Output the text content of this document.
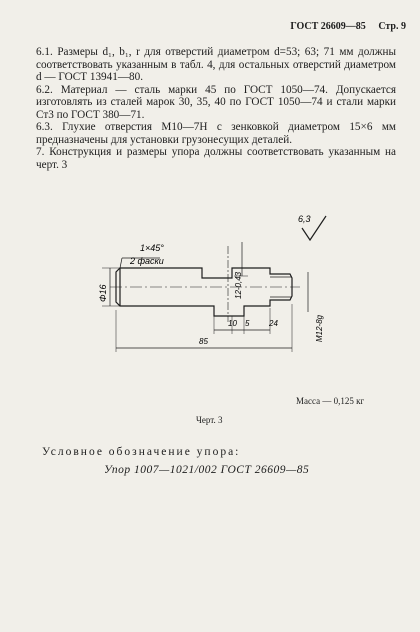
ГОСТ 26609—85 Стр. 9

6.1. Размеры d₁, b₁, r для отверстий диаметром d=53; 63; 71 мм должны соответствовать указанным в табл. 4, для остальных отверстий диаметром d — ГОСТ 13941—80.

6.2. Материал — сталь марки 45 по ГОСТ 1050—74. Допускается изготовлять из сталей марок 30, 35, 40 по ГОСТ 1050—74 и стали марки Ст3 по ГОСТ 380—71.

6.3. Глухие отверстия М10—7Н с зенковкой диаметром 15×6 мм предназначены для установки грузонесущих деталей.

7. Конструкция и размеры упора должны соответствовать указанным на черт. 3

6,3
1×45°
2 фаски
Φ16	12-0,43
10 5 24
85	М12-8g
Масса — 0,125 кг
Черт. 3
Условное обозначение упора:
Упор 1007—1021/002 ГОСТ 26609—85
